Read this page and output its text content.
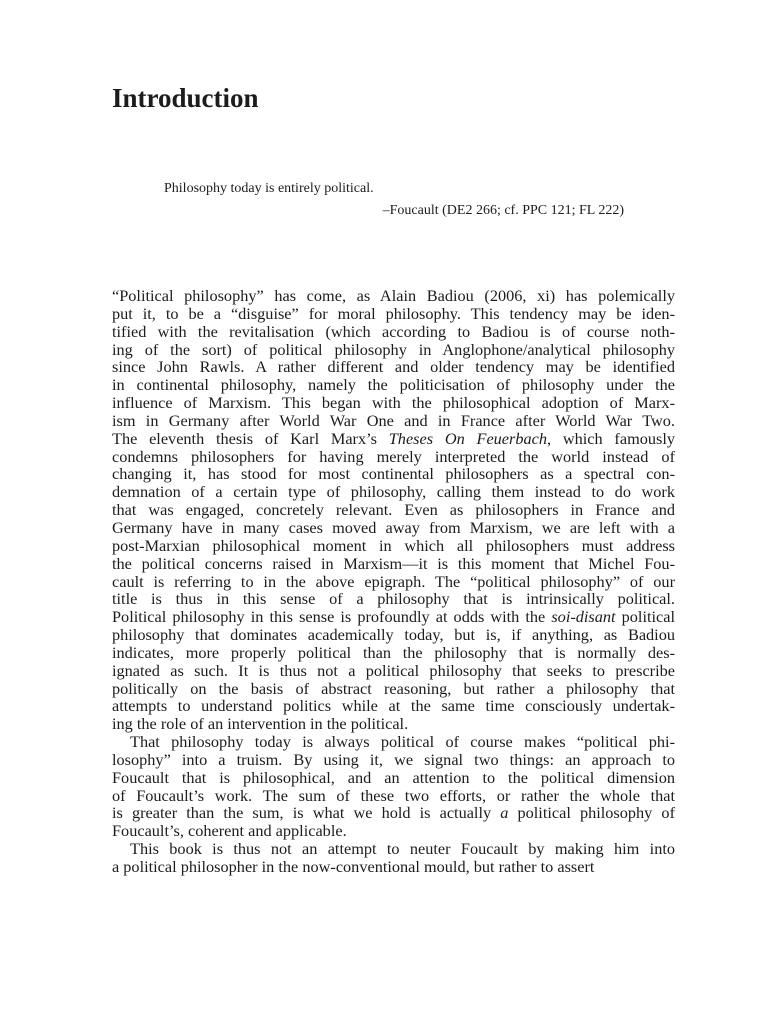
Introduction
Philosophy today is entirely political.
–Foucault (DE2 266; cf. PPC 121; FL 222)

“Political philosophy” has come, as Alain Badiou (2006, xi) has polemically
put it, to be a “disguise” for moral philosophy. This tendency may be iden-
tified with the revitalisation (which according to Badiou is of course noth-
ing of the sort) of political philosophy in Anglophone/analytical philosophy
since John Rawls. A rather different and older tendency may be identified
in continental philosophy, namely the politicisation of philosophy under the
influence of Marxism. This began with the philosophical adoption of Marx-
ism in Germany after World War One and in France after World War Two.
The eleventh thesis of Karl Marx’s Theses On Feuerbach, which famously
condemns philosophers for having merely interpreted the world instead of
changing it, has stood for most continental philosophers as a spectral con-
demnation of a certain type of philosophy, calling them instead to do work
that was engaged, concretely relevant. Even as philosophers in France and
Germany have in many cases moved away from Marxism, we are left with a
post-Marxian philosophical moment in which all philosophers must address
the political concerns raised in Marxism—it is this moment that Michel Fou-
cault is referring to in the above epigraph. The “political philosophy” of our
title is thus in this sense of a philosophy that is intrinsically political.
Political philosophy in this sense is profoundly at odds with the soi-disant political
philosophy that dominates academically today, but is, if anything, as Badiou
indicates, more properly political than the philosophy that is normally des-
ignated as such. It is thus not a political philosophy that seeks to prescribe
politically on the basis of abstract reasoning, but rather a philosophy that
attempts to understand politics while at the same time consciously undertak-
ing the role of an intervention in the political.

That philosophy today is always political of course makes “political phi-
losophy” into a truism. By using it, we signal two things: an approach to
Foucault that is philosophical, and an attention to the political dimension
of Foucault’s work. The sum of these two efforts, or rather the whole that
is greater than the sum, is what we hold is actually a political philosophy of
Foucault’s, coherent and applicable.

This book is thus not an attempt to neuter Foucault by making him into
a political philosopher in the now-conventional mould, but rather to assert
